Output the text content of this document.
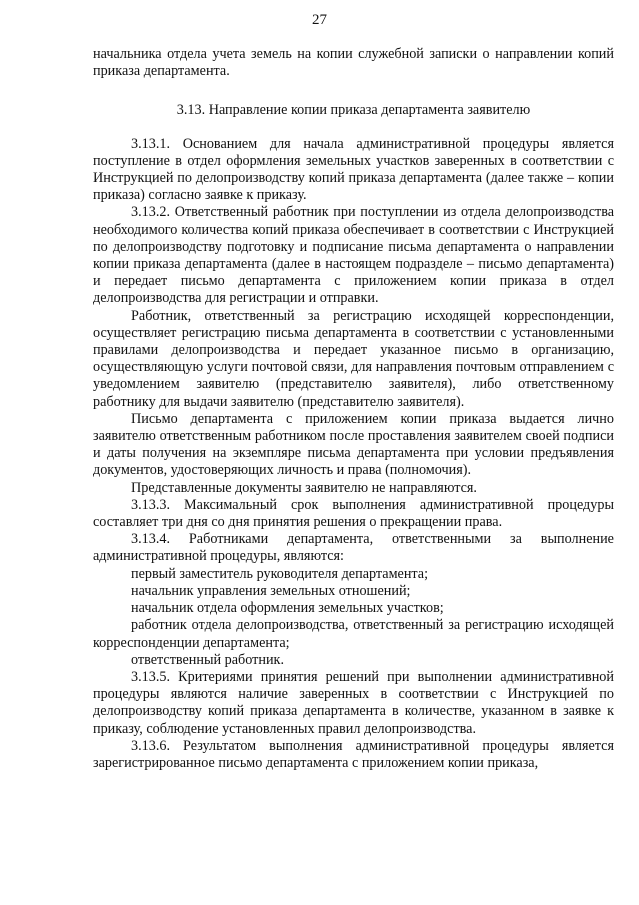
27

начальника отдела учета земель на копии служебной записки о направлении копий приказа департамента.

3.13. Направление копии приказа департамента заявителю

3.13.1. Основанием для начала административной процедуры является поступление в отдел оформления земельных участков заверенных в соответствии с Инструкцией по делопроизводству копий приказа департамента (далее также – копии приказа) согласно заявке к приказу.

3.13.2. Ответственный работник при поступлении из отдела делопроизводства необходимого количества копий приказа обеспечивает в соответствии с Инструкцией по делопроизводству подготовку и подписание письма департамента о направлении копии приказа департамента (далее в настоящем подразделе – письмо департамента) и передает письмо департамента с приложением копии приказа в отдел делопроизводства для регистрации и отправки.

Работник, ответственный за регистрацию исходящей корреспонденции, осуществляет регистрацию письма департамента в соответствии с установленными правилами делопроизводства и передает указанное письмо в организацию, осуществляющую услуги почтовой связи, для направления почтовым отправлением с уведомлением заявителю (представителю заявителя), либо ответственному работнику для выдачи заявителю (представителю заявителя).

Письмо департамента с приложением копии приказа выдается лично заявителю ответственным работником после проставления заявителем своей подписи и даты получения на экземпляре письма департамента при условии предъявления документов, удостоверяющих личность и права (полномочия).

Представленные документы заявителю не направляются.

3.13.3. Максимальный срок выполнения административной процедуры составляет три дня со дня принятия решения о прекращении права.

3.13.4. Работниками департамента, ответственными за выполнение административной процедуры, являются:

первый заместитель руководителя департамента;

начальник управления земельных отношений;

начальник отдела оформления земельных участков;

работник отдела делопроизводства, ответственный за регистрацию исходящей корреспонденции департамента;

ответственный работник.

3.13.5. Критериями принятия решений при выполнении административной процедуры являются наличие заверенных в соответствии с Инструкцией по делопроизводству копий приказа департамента в количестве, указанном в заявке к приказу, соблюдение установленных правил делопроизводства.

3.13.6. Результатом выполнения административной процедуры является зарегистрированное письмо департамента с приложением копии приказа,
